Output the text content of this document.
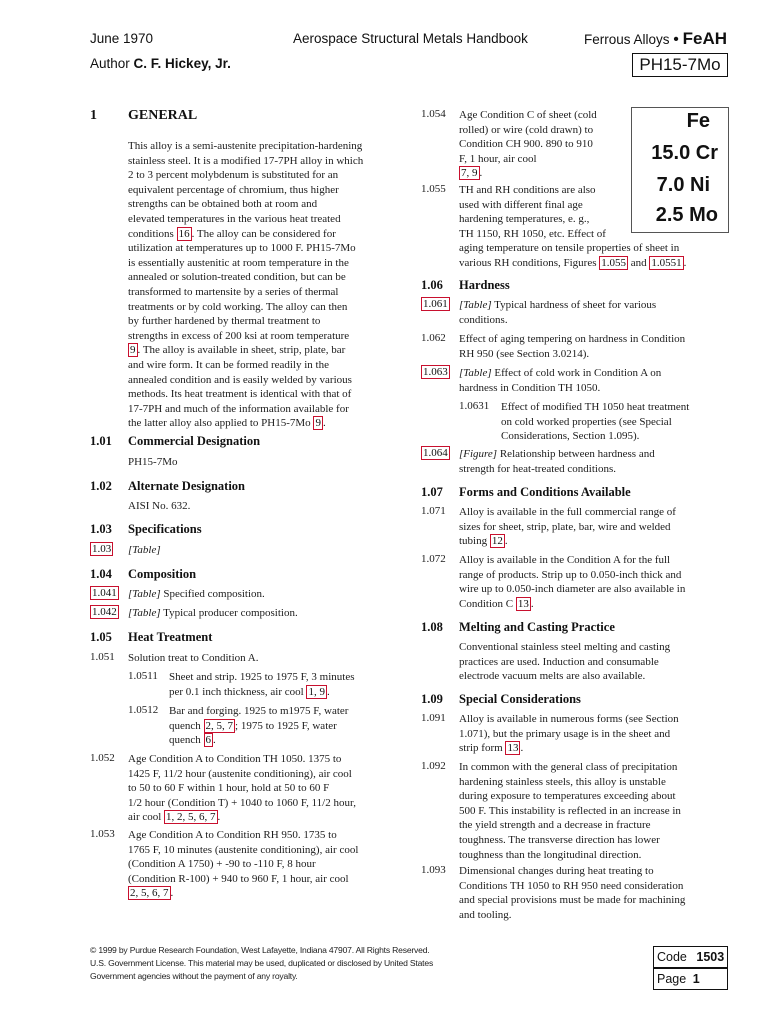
June 1970	Aerospace Structural Metals Handbook	Ferrous Alloys • FeAH
Author C. F. Hickey, Jr.	PH15-7Mo
Fe
15.0 Cr
7.0 Ni
2.5 Mo
1 GENERAL
This alloy is a semi-austenite precipitation-hardening
stainless steel. It is a modified 17-7PH alloy in which
2 to 3 percent molybdenum is substituted for an
equivalent percentage of chromium, thus higher
strengths can be obtained both at room and
elevated temperatures in the various heat treated
conditions 16 . The alloy can be considered for
utilization at temperatures up to 1000 F. PH15-7Mo
is essentially austenitic at room temperature in the
annealed or solution-treated condition, but can be
transformed to martensite by a series of thermal
treatments or by cold working. The alloy can then
by further hardened by thermal treatment to
strengths in excess of 200 ksi at room temperature
9 . The alloy is available in sheet, strip, plate, bar
and wire form. It can be formed readily in the
annealed condition and is easily welded by various
methods. Its heat treatment is identical with that of
17-7PH and much of the information available for
the latter alloy also applied to PH15-7Mo 9 .
1.01 Commercial Designation
PH15-7Mo
1.02 Alternate Designation
AISI No. 632.
1.03 Specifications
1.03 [Table]
1.04 Composition
1.041 [Table] Specified composition.
1.042 [Table] Typical producer composition.
1.05 Heat Treatment
1.051 Solution treat to Condition A.
1.0511 Sheet and strip. 1925 to 1975 F, 3 minutes
per 0.1 inch thickness, air cool 1, 9 .
1.0512 Bar and forging. 1925 to m1975 F, water
quench 2, 5, 7 ; 1975 to 1925 F, water
quench 6 .
1.052 Age Condition A to Condition TH 1050. 1375 to
1425 F, 11/2 hour (austenite conditioning), air cool
to 50 to 60 F within 1 hour, hold at 50 to 60 F
1/2 hour (Condition T) + 1040 to 1060 F, 11/2 hour,
air cool 1, 2, 5, 6, 7 .
1.053 Age Condition A to Condition RH 950. 1735 to
1765 F, 10 minutes (austenite conditioning), air cool
(Condition A 1750) + -90 to -110 F, 8 hour
(Condition R-100) + 940 to 960 F, 1 hour, air cool
2, 5, 6, 7 .
1.054 Age Condition C of sheet (cold
rolled) or wire (cold drawn) to
Condition CH 900. 890 to 910
F, 1 hour, air cool
7, 9 .
1.055 TH and RH conditions are also
used with different final age
hardening temperatures, e. g.,
TH 1150, RH 1050, etc. Effect of
aging temperature on tensile properties of sheet in
various RH conditions, Figures 1.055 and 1.0551 .
1.06 Hardness
1.061 [Table] Typical hardness of sheet for various
conditions.
1.062 Effect of aging tempering on hardness in Condition
RH 950 (see Section 3.0214).
1.063 [Table] Effect of cold work in Condition A on
hardness in Condition TH 1050.
1.0631 Effect of modified TH 1050 heat treatment
on cold worked properties (see Special
Considerations, Section 1.095).
1.064 [Figure] Relationship between hardness and
strength for heat-treated conditions.
1.07 Forms and Conditions Available
1.071 Alloy is available in the full commercial range of
sizes for sheet, strip, plate, bar, wire and welded
tubing 12 .
1.072 Alloy is available in the Condition A for the full
range of products. Strip up to 0.050-inch thick and
wire up to 0.050-inch diameter are also available in
Condition C 13 .
1.08 Melting and Casting Practice
Conventional stainless steel melting and casting
practices are used. Induction and consumable
electrode vacuum melts are also available.
1.09 Special Considerations
1.091 Alloy is available in numerous forms (see Section
1.071), but the primary usage is in the sheet and
strip form 13 .
1.092 In common with the general class of precipitation
hardening stainless steels, this alloy is unstable
during exposure to temperatures exceeding about
500 F. This instability is reflected in an increase in
the yield strength and a decrease in fracture
toughness. The transverse direction has lower
toughness than the longitudinal direction.
1.093 Dimensional changes during heat treating to
Conditions TH 1050 to RH 950 need consideration
and special provisions must be made for machining
and tooling.
© 1999 by Purdue Research Foundation, West Lafayette, Indiana 47907. All Rights Reserved.
U.S. Government License. This material may be used, duplicated or disclosed by United States
Government agencies without the payment of any royalty.
Code 1503
Page 1
